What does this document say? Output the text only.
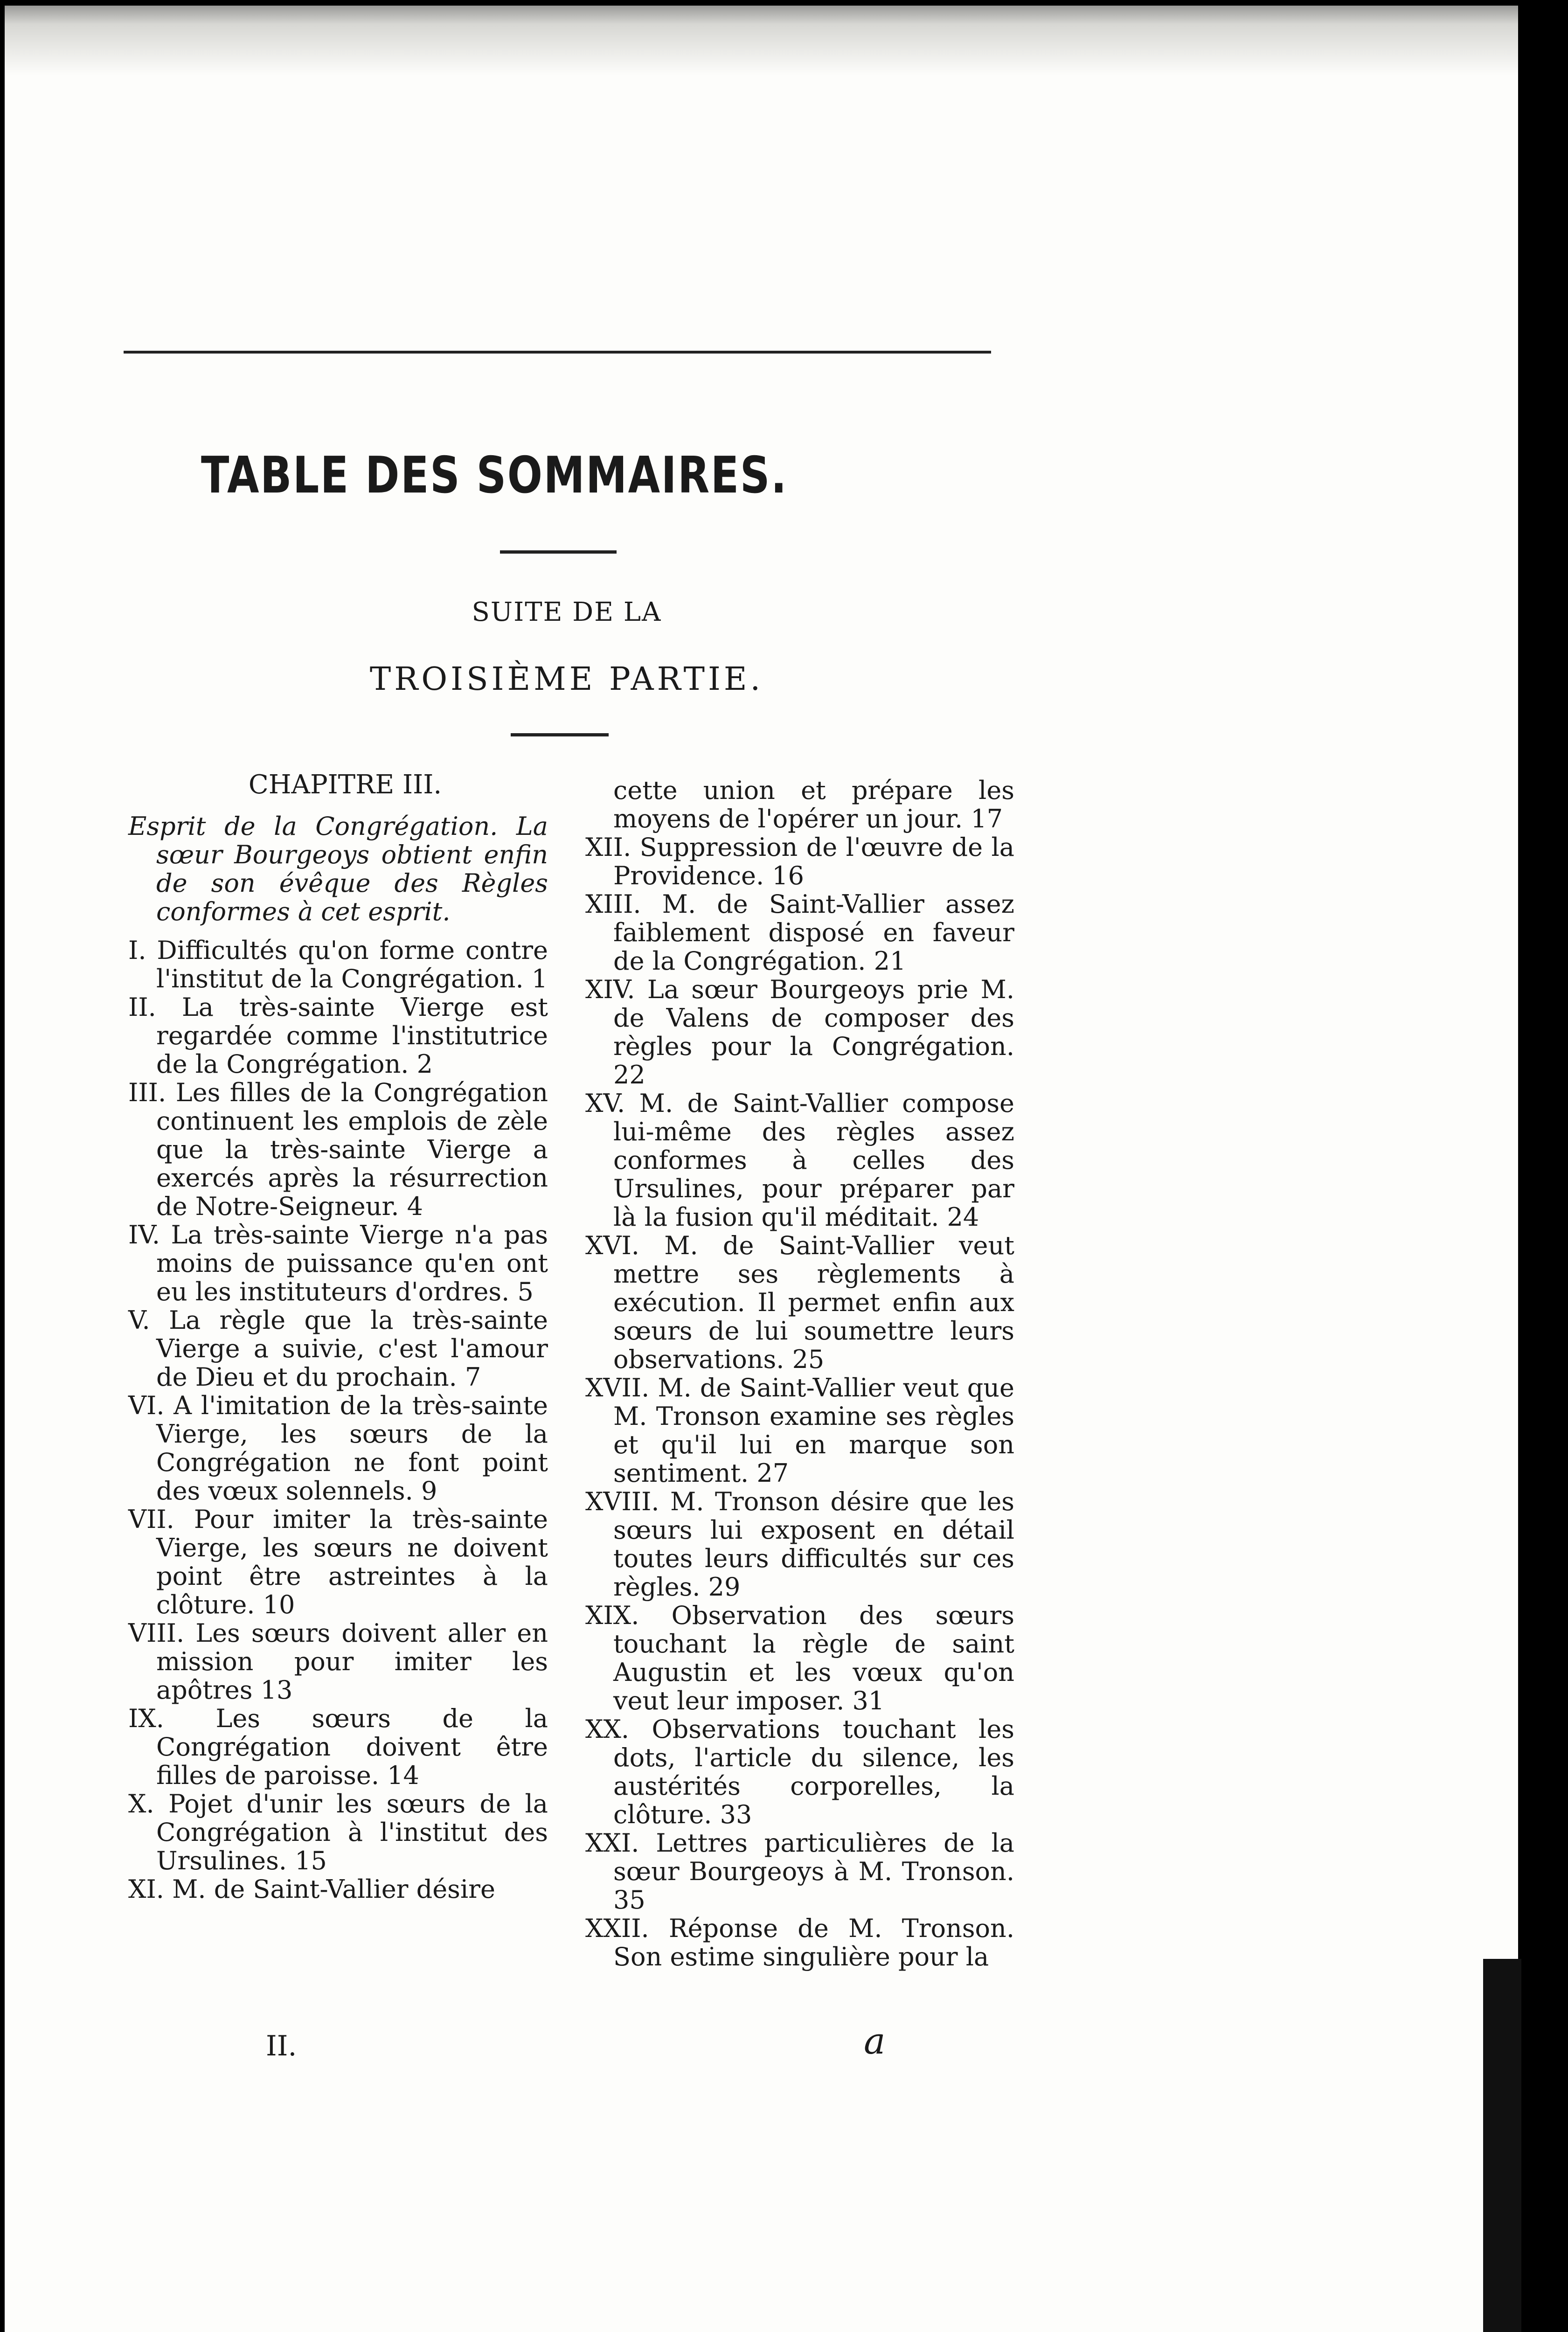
TABLE DES SOMMAIRES.
SUITE DE LA
TROISIÈME PARTIE.
CHAPITRE III.
Esprit de la Congrégation. La sœur Bourgeoys obtient enfin de son évêque des Règles conformes à cet esprit.
I. Difficultés qu'on forme contre l'institut de la Congrégation. 1
II. La très-sainte Vierge est regardée comme l'institutrice de la Congrégation. 2
III. Les filles de la Congrégation continuent les emplois de zèle que la très-sainte Vierge a exercés après la résurrection de Notre-Seigneur. 4
IV. La très-sainte Vierge n'a pas moins de puissance qu'en ont eu les instituteurs d'ordres. 5
V. La règle que la très-sainte Vierge a suivie, c'est l'amour de Dieu et du prochain. 7
VI. A l'imitation de la très-sainte Vierge, les sœurs de la Congrégation ne font point des vœux solennels. 9
VII. Pour imiter la très-sainte Vierge, les sœurs ne doivent point être astreintes à la clôture. 10
VIII. Les sœurs doivent aller en mission pour imiter les apôtres 13
IX. Les sœurs de la Congrégation doivent être filles de paroisse. 14
X. Pojet d'unir les sœurs de la Congrégation à l'institut des Ursulines. 15
XI. M. de Saint-Vallier désire
cette union et prépare les moyens de l'opérer un jour. 17
XII. Suppression de l'œuvre de la Providence. 16
XIII. M. de Saint-Vallier assez faiblement disposé en faveur de la Congrégation. 21
XIV. La sœur Bourgeoys prie M. de Valens de composer des règles pour la Congrégation. 22
XV. M. de Saint-Vallier compose lui-même des règles assez conformes à celles des Ursulines, pour préparer par là la fusion qu'il méditait. 24
XVI. M. de Saint-Vallier veut mettre ses règlements à exécution. Il permet enfin aux sœurs de lui soumettre leurs observations. 25
XVII. M. de Saint-Vallier veut que M. Tronson examine ses règles et qu'il lui en marque son sentiment. 27
XVIII. M. Tronson désire que les sœurs lui exposent en détail toutes leurs difficultés sur ces règles. 29
XIX. Observation des sœurs touchant la règle de saint Augustin et les vœux qu'on veut leur imposer. 31
XX. Observations touchant les dots, l'article du silence, les austérités corporelles, la clôture. 33
XXI. Lettres particulières de la sœur Bourgeoys à M. Tronson. 35
XXII. Réponse de M. Tronson. Son estime singulière pour la
II.	a
